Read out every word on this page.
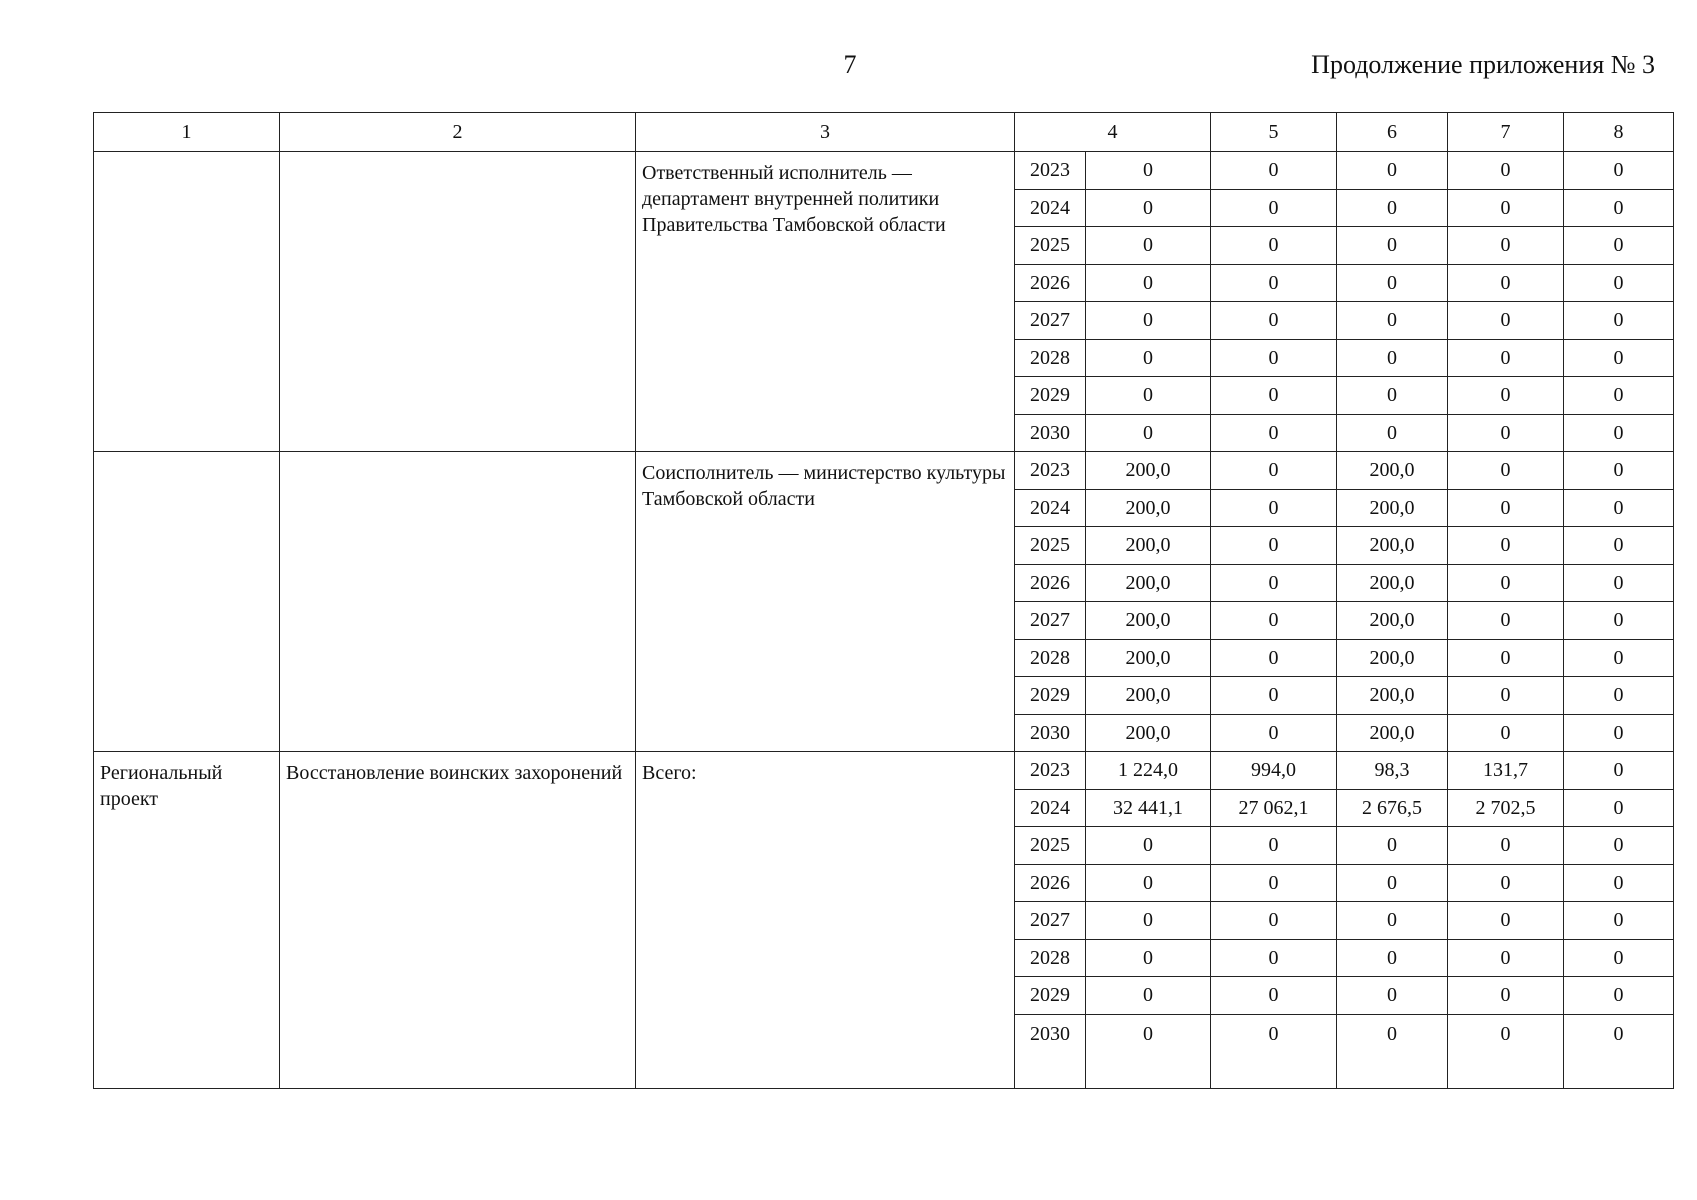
7	Продолжение приложения № 3
1	2	3	4		5	6	7	8
		Ответственный исполнитель — департамент внутренней политики Правительства Тамбовской области	2023	0	0	0	0	0
			2024	0	0	0	0	0
			2025	0	0	0	0	0
			2026	0	0	0	0	0
			2027	0	0	0	0	0
			2028	0	0	0	0	0
			2029	0	0	0	0	0
			2030	0	0	0	0	0
		Соисполнитель — министерство культуры Тамбовской области	2023	200,0	0	200,0	0	0
			2024	200,0	0	200,0	0	0
			2025	200,0	0	200,0	0	0
			2026	200,0	0	200,0	0	0
			2027	200,0	0	200,0	0	0
			2028	200,0	0	200,0	0	0
			2029	200,0	0	200,0	0	0
			2030	200,0	0	200,0	0	0
Региональный проект	Восстановление воинских захоронений	Всего:	2023	1 224,0	994,0	98,3	131,7	0
			2024	32 441,1	27 062,1	2 676,5	2 702,5	0
			2025	0	0	0	0	0
			2026	0	0	0	0	0
			2027	0	0	0	0	0
			2028	0	0	0	0	0
			2029	0	0	0	0	0
			2030	0	0	0	0	0
